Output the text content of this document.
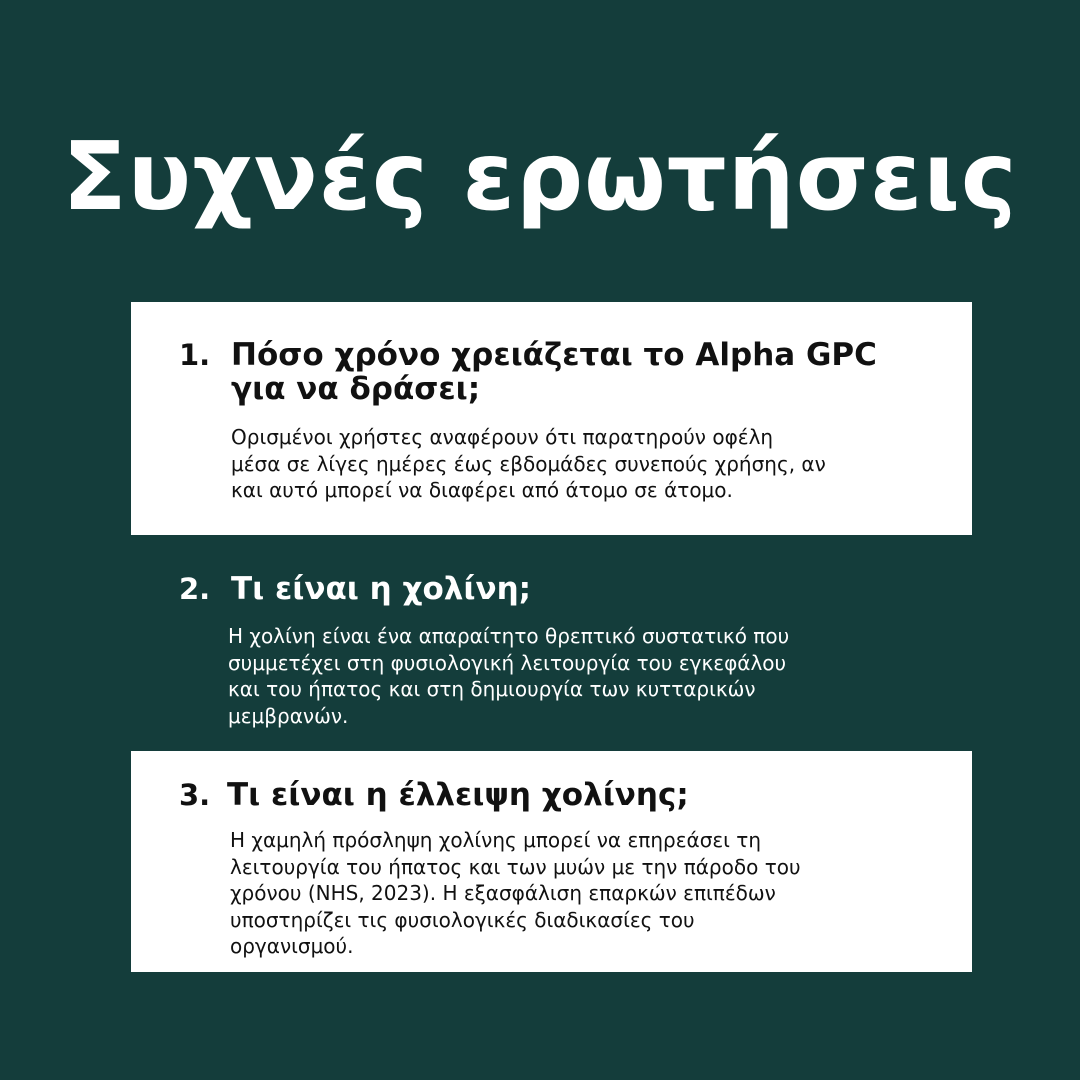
Συχνές ερωτήσεις
1. Πόσο χρόνο χρειάζεται το Alpha GPC
για να δράσει;
Ορισμένοι χρήστες αναφέρουν ότι παρατηρούν οφέλη
μέσα σε λίγες ημέρες έως εβδομάδες συνεπούς χρήσης, αν
και αυτό μπορεί να διαφέρει από άτομο σε άτομο.
2. Τι είναι η χολίνη;
Η χολίνη είναι ένα απαραίτητο θρεπτικό συστατικό που
συμμετέχει στη φυσιολογική λειτουργία του εγκεφάλου
και του ήπατος και στη δημιουργία των κυτταρικών
μεμβρανών.
3. Τι είναι η έλλειψη χολίνης;
Η χαμηλή πρόσληψη χολίνης μπορεί να επηρεάσει τη
λειτουργία του ήπατος και των μυών με την πάροδο του
χρόνου (NHS, 2023). Η εξασφάλιση επαρκών επιπέδων
υποστηρίζει τις φυσιολογικές διαδικασίες του
οργανισμού.
